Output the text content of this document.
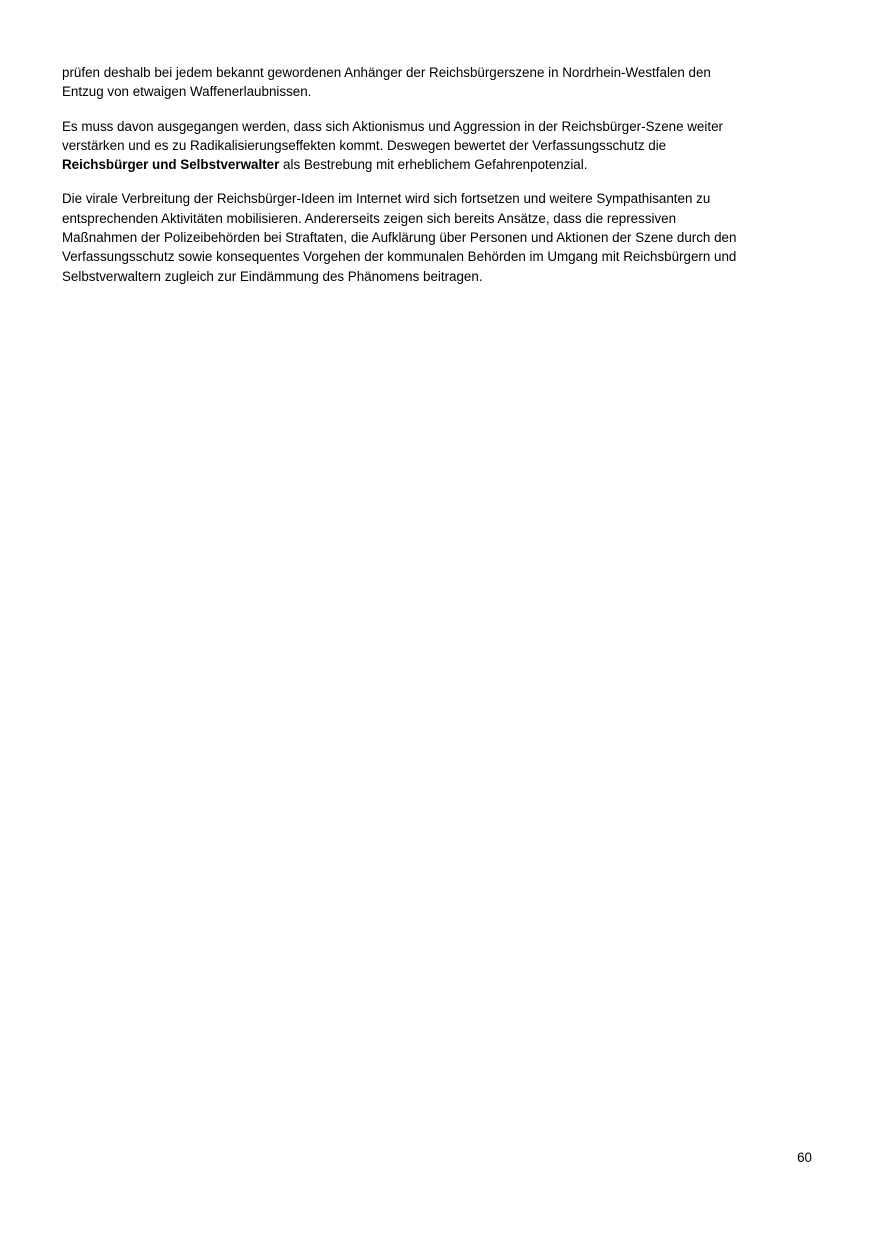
prüfen deshalb bei jedem bekannt gewordenen Anhänger der Reichsbürgerszene in Nordrhein-Westfalen den
Entzug von etwaigen Waffenerlaubnissen.

Es muss davon ausgegangen werden, dass sich Aktionismus und Aggression in der Reichsbürger-Szene weiter
verstärken und es zu Radikalisierungseffekten kommt. Deswegen bewertet der Verfassungsschutz die
Reichsbürger und Selbstverwalter als Bestrebung mit erheblichem Gefahrenpotenzial.

Die virale Verbreitung der Reichsbürger-Ideen im Internet wird sich fortsetzen und weitere Sympathisanten zu
entsprechenden Aktivitäten mobilisieren. Andererseits zeigen sich bereits Ansätze, dass die repressiven
Maßnahmen der Polizeibehörden bei Straftaten, die Aufklärung über Personen und Aktionen der Szene durch den
Verfassungsschutz sowie konsequentes Vorgehen der kommunalen Behörden im Umgang mit Reichsbürgern und
Selbstverwaltern zugleich zur Eindämmung des Phänomens beitragen.

60
